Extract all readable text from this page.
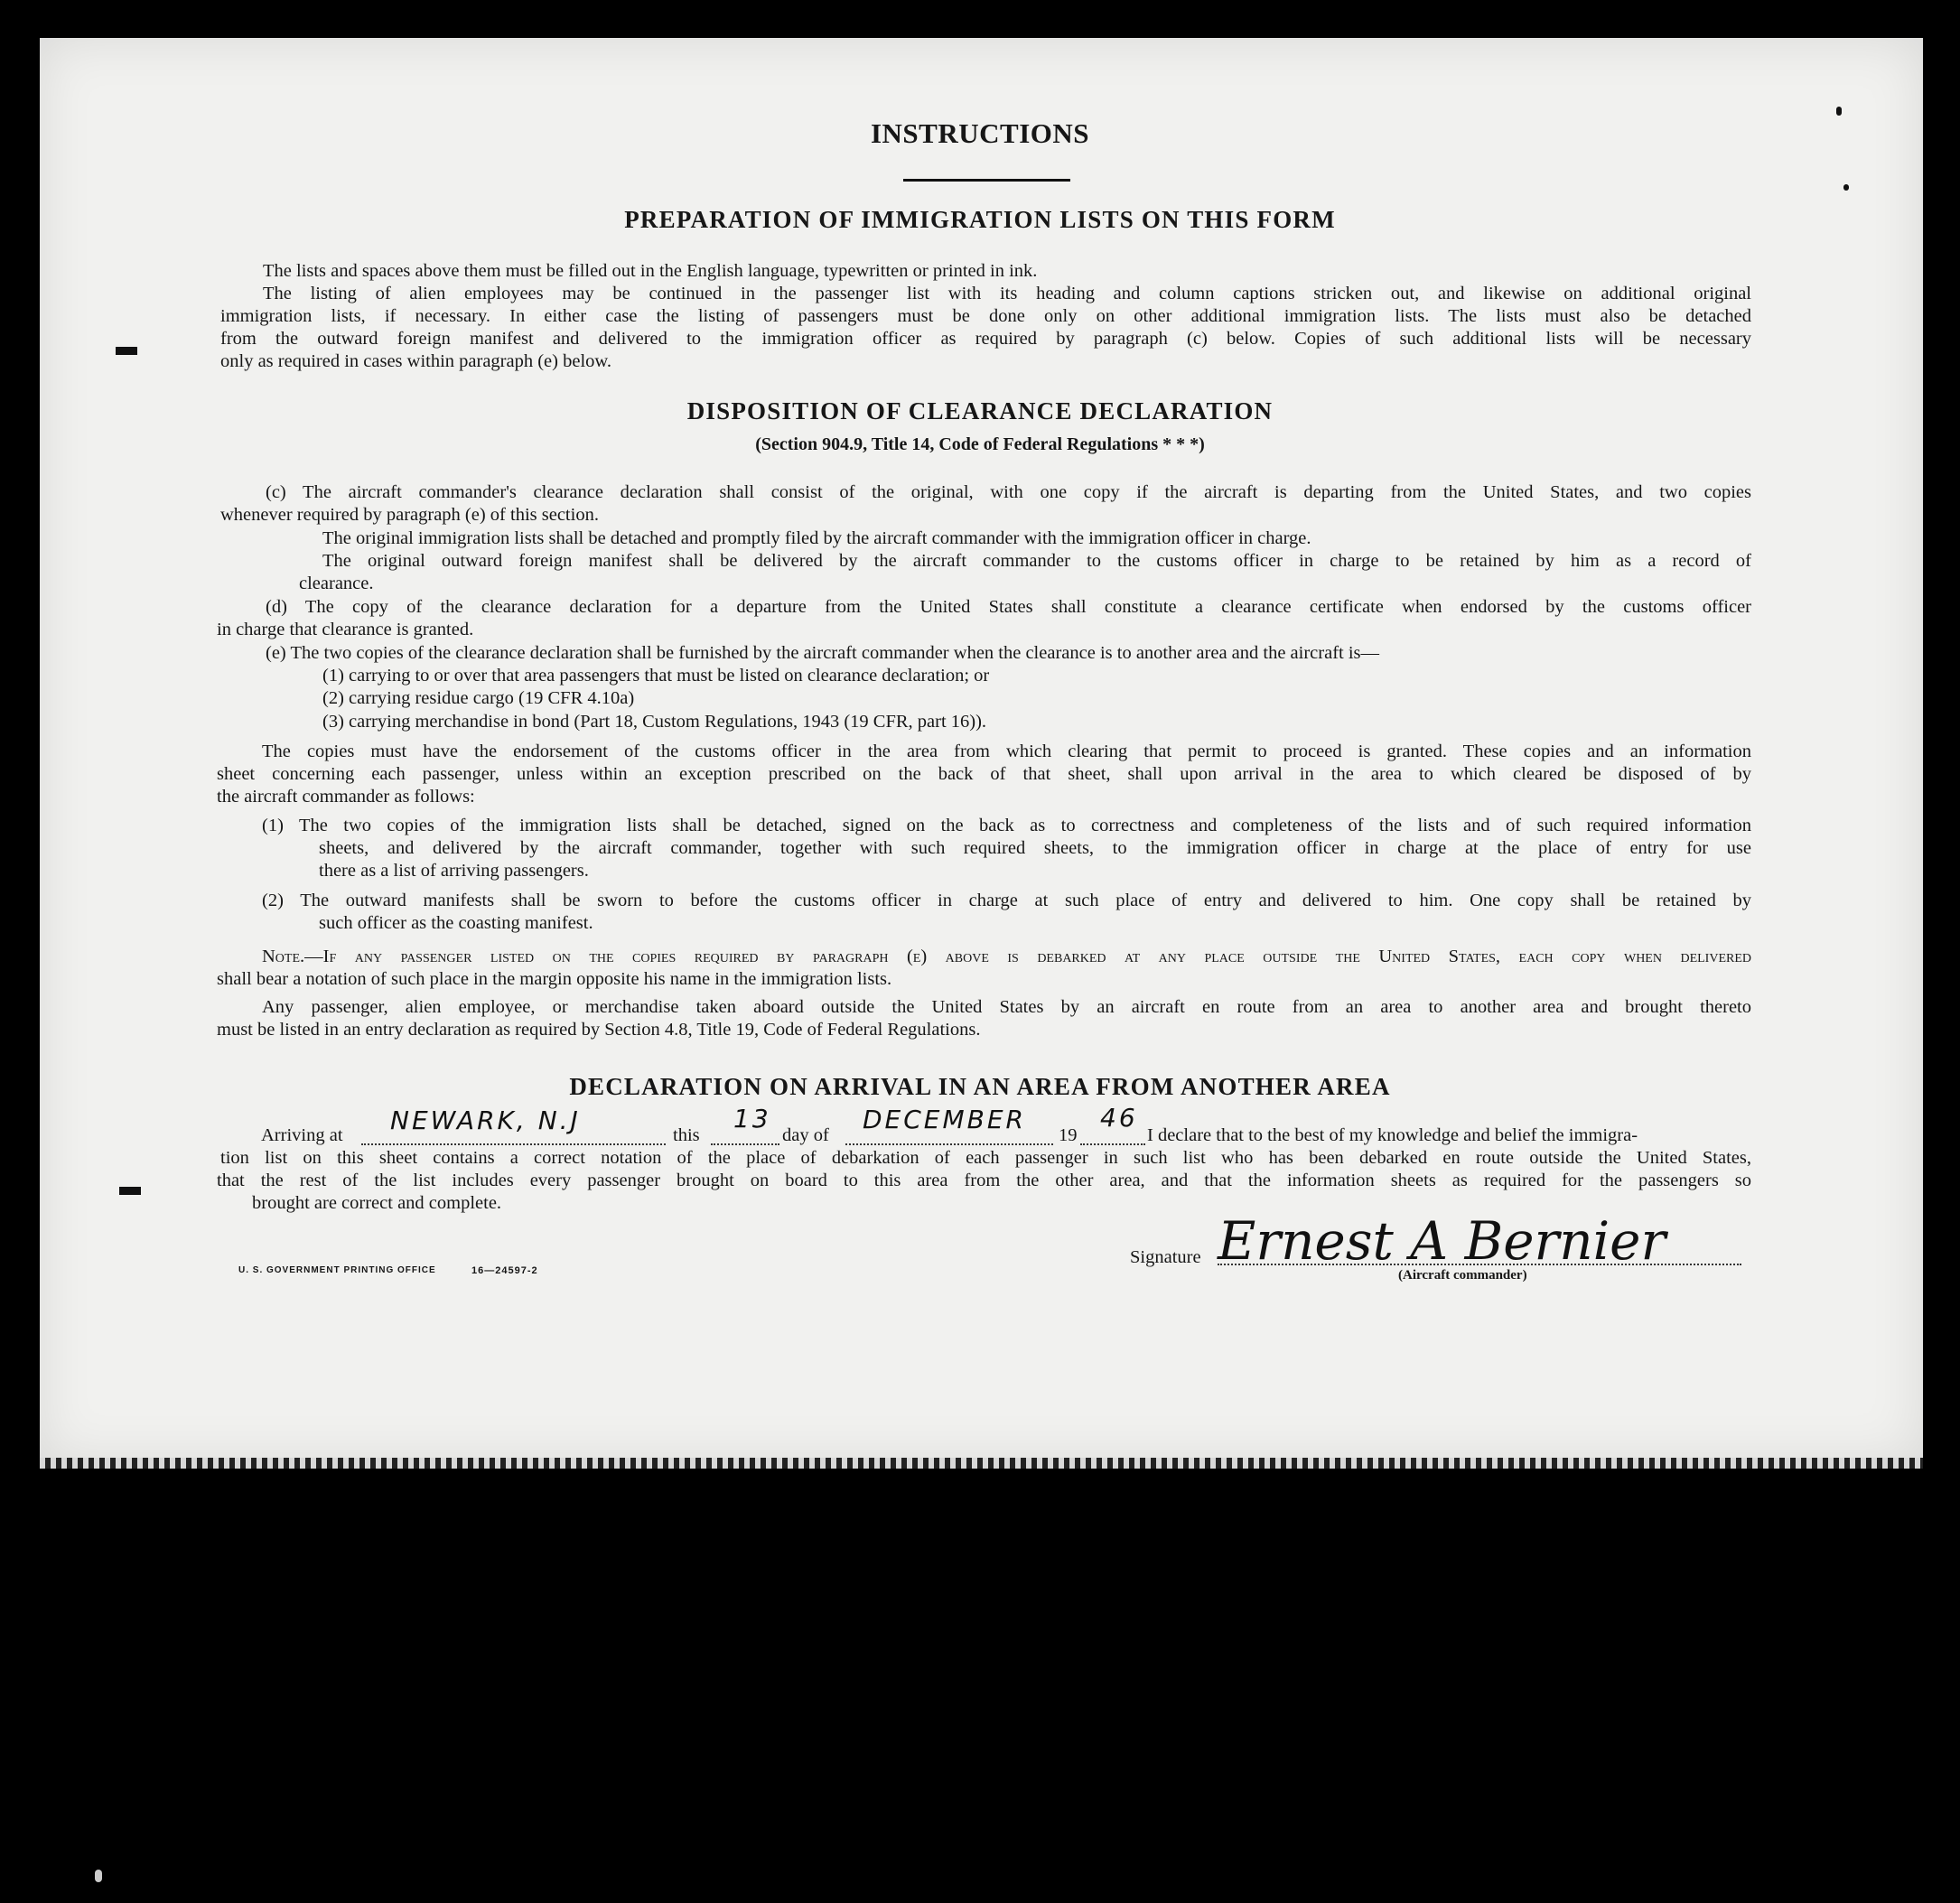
INSTRUCTIONS
PREPARATION OF IMMIGRATION LISTS ON THIS FORM
The lists and spaces above them must be filled out in the English language, typewritten or printed in ink.
The listing of alien employees may be continued in the passenger list with its heading and column captions stricken out, and likewise on additional original
immigration lists, if necessary. In either case the listing of passengers must be done only on other additional immigration lists. The lists must also be detached
from the outward foreign manifest and delivered to the immigration officer as required by paragraph (c) below. Copies of such additional lists will be necessary
only as required in cases within paragraph (e) below.
DISPOSITION OF CLEARANCE DECLARATION
(Section 904.9, Title 14, Code of Federal Regulations * * *)
(c) The aircraft commander's clearance declaration shall consist of the original, with one copy if the aircraft is departing from the United States, and two copies
whenever required by paragraph (e) of this section.
The original immigration lists shall be detached and promptly filed by the aircraft commander with the immigration officer in charge.
The original outward foreign manifest shall be delivered by the aircraft commander to the customs officer in charge to be retained by him as a record of
clearance.
(d) The copy of the clearance declaration for a departure from the United States shall constitute a clearance certificate when endorsed by the customs officer
in charge that clearance is granted.
(e) The two copies of the clearance declaration shall be furnished by the aircraft commander when the clearance is to another area and the aircraft is—
(1) carrying to or over that area passengers that must be listed on clearance declaration; or
(2) carrying residue cargo (19 CFR 4.10a)
(3) carrying merchandise in bond (Part 18, Custom Regulations, 1943 (19 CFR, part 16)).
The copies must have the endorsement of the customs officer in the area from which clearing that permit to proceed is granted. These copies and an information
sheet concerning each passenger, unless within an exception prescribed on the back of that sheet, shall upon arrival in the area to which cleared be disposed of by
the aircraft commander as follows:
(1) The two copies of the immigration lists shall be detached, signed on the back as to correctness and completeness of the lists and of such required information
sheets, and delivered by the aircraft commander, together with such required sheets, to the immigration officer in charge at the place of entry for use
there as a list of arriving passengers.
(2) The outward manifests shall be sworn to before the customs officer in charge at such place of entry and delivered to him. One copy shall be retained by
such officer as the coasting manifest.
Note.—If any passenger listed on the copies required by paragraph (e) above is debarked at any place outside the United States, each copy when delivered
shall bear a notation of such place in the margin opposite his name in the immigration lists.
Any passenger, alien employee, or merchandise taken aboard outside the United States by an aircraft en route from an area to another area and brought thereto
must be listed in an entry declaration as required by Section 4.8, Title 19, Code of Federal Regulations.
DECLARATION ON ARRIVAL IN AN AREA FROM ANOTHER AREA
Arriving at NEWARK, N.J	this
13
day of
DECEMBER
19
46
I declare that to the best of my knowledge and belief the immigra-
tion list on this sheet contains a correct notation of the place of debarkation of each passenger in such list who has been debarked en route outside the United States,
that the rest of the list includes every passenger brought on board to this area from the other area, and that the information sheets as required for the passengers so
brought are correct and complete.
Signature Ernest A Bernier
(Aircraft commander)
U. S. GOVERNMENT PRINTING OFFICE	16—24597-2
